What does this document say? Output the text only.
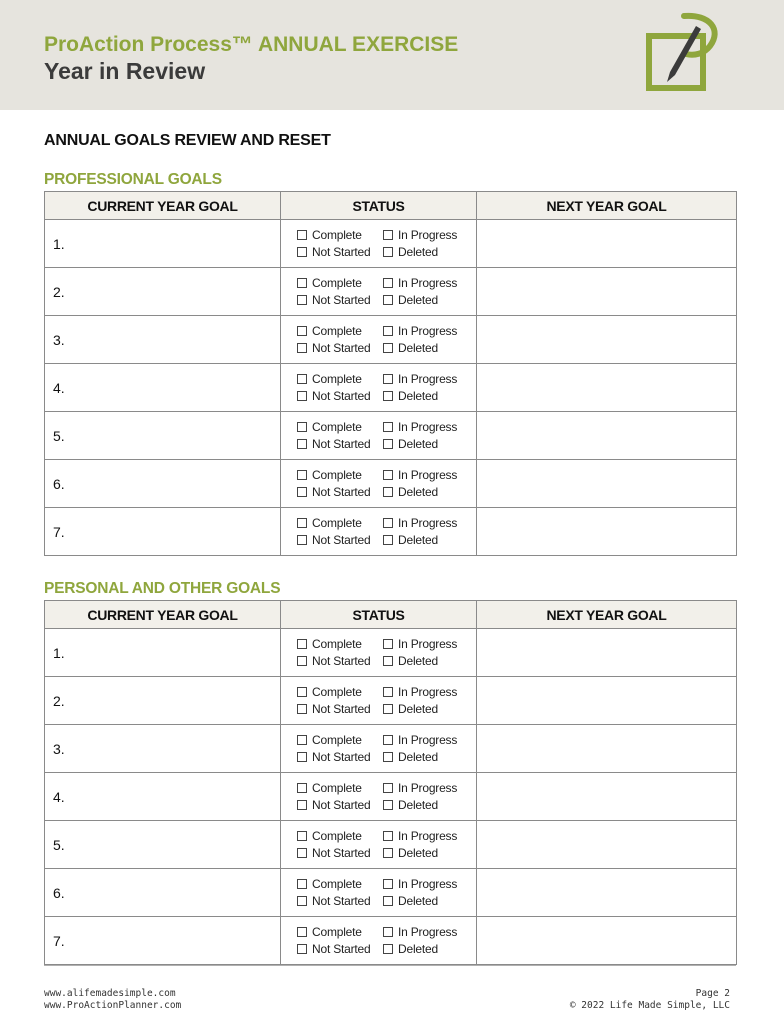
ProAction Process™ ANNUAL EXERCISE
Year in Review
ANNUAL GOALS REVIEW AND RESET
PROFESSIONAL GOALS
CURRENT YEAR GOAL	STATUS	NEXT YEAR GOAL
1.	Complete In Progress
Not Started Deleted	

2.	Complete In Progress
Not Started Deleted	

3.	Complete In Progress
Not Started Deleted	

4.	Complete In Progress
Not Started Deleted	

5.	Complete In Progress
Not Started Deleted	

6.	Complete In Progress
Not Started Deleted	

7.	Complete In Progress
Not Started Deleted	

PERSONAL AND OTHER GOALS
CURRENT YEAR GOAL	STATUS	NEXT YEAR GOAL
1.	Complete In Progress
Not Started Deleted	

2.	Complete In Progress
Not Started Deleted	

3.	Complete In Progress
Not Started Deleted	

4.	Complete In Progress
Not Started Deleted	

5.	Complete In Progress
Not Started Deleted	

6.	Complete In Progress
Not Started Deleted	

7.	Complete In Progress
Not Started Deleted	

www.alifemadesimple.com
www.ProActionPlanner.com
Page 2
© 2022 Life Made Simple, LLC
